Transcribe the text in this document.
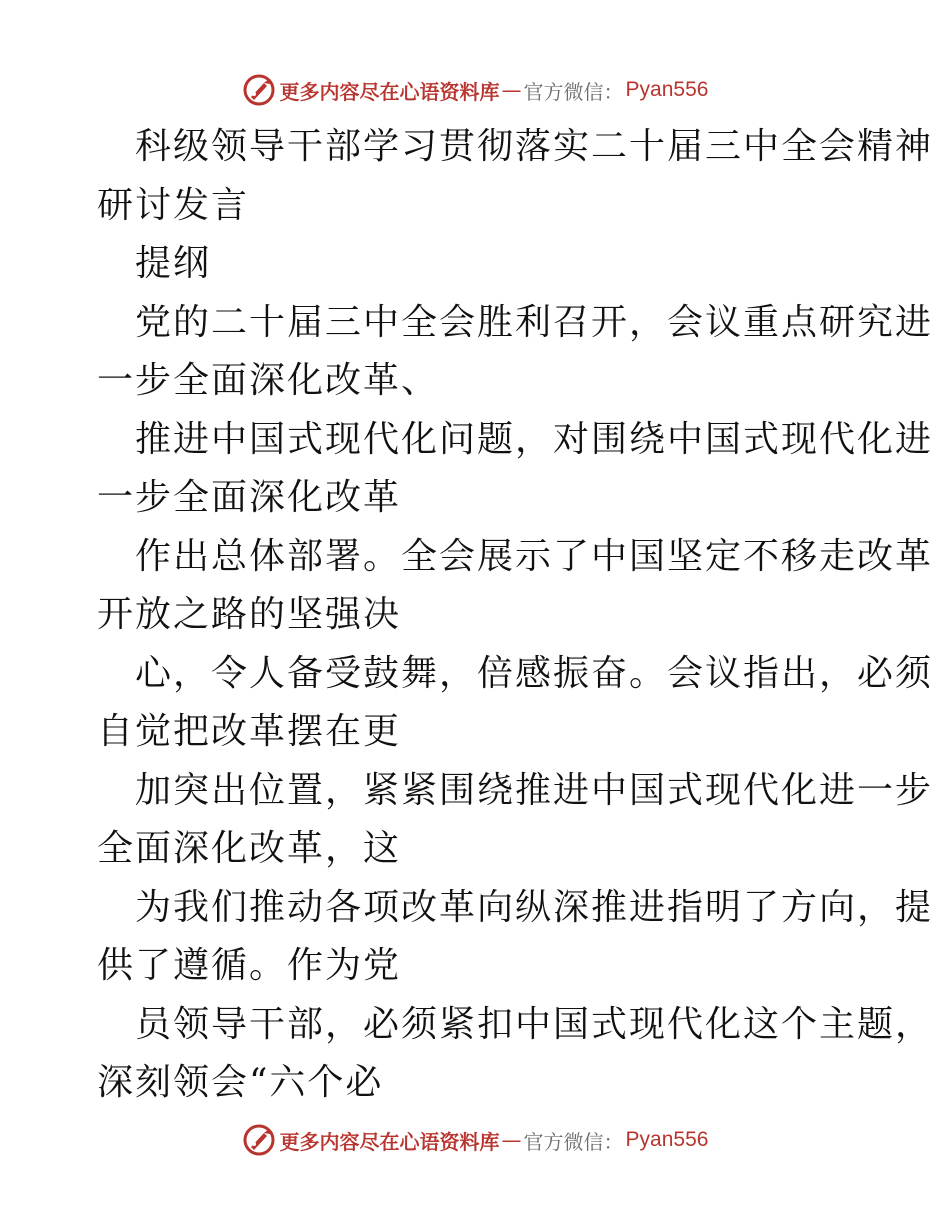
更多内容尽在心语资料库 — 官方微信： Pyan556
科级领导干部学习贯彻落实二十届三中全会精神
研讨发言
提纲
党的二十届三中全会胜利召开，会议重点研究进
一步全面深化改革、
推进中国式现代化问题，对围绕中国式现代化进
一步全面深化改革
作出总体部署。全会展示了中国坚定不移走改革
开放之路的坚强决
心，令人备受鼓舞，倍感振奋。会议指出，必须
自觉把改革摆在更
加突出位置，紧紧围绕推进中国式现代化进一步
全面深化改革，这
为我们推动各项改革向纵深推进指明了方向，提
供了遵循。作为党
员领导干部，必须紧扣中国式现代化这个主题，
深刻领会“六个必
更多内容尽在心语资料库 — 官方微信： Pyan556
